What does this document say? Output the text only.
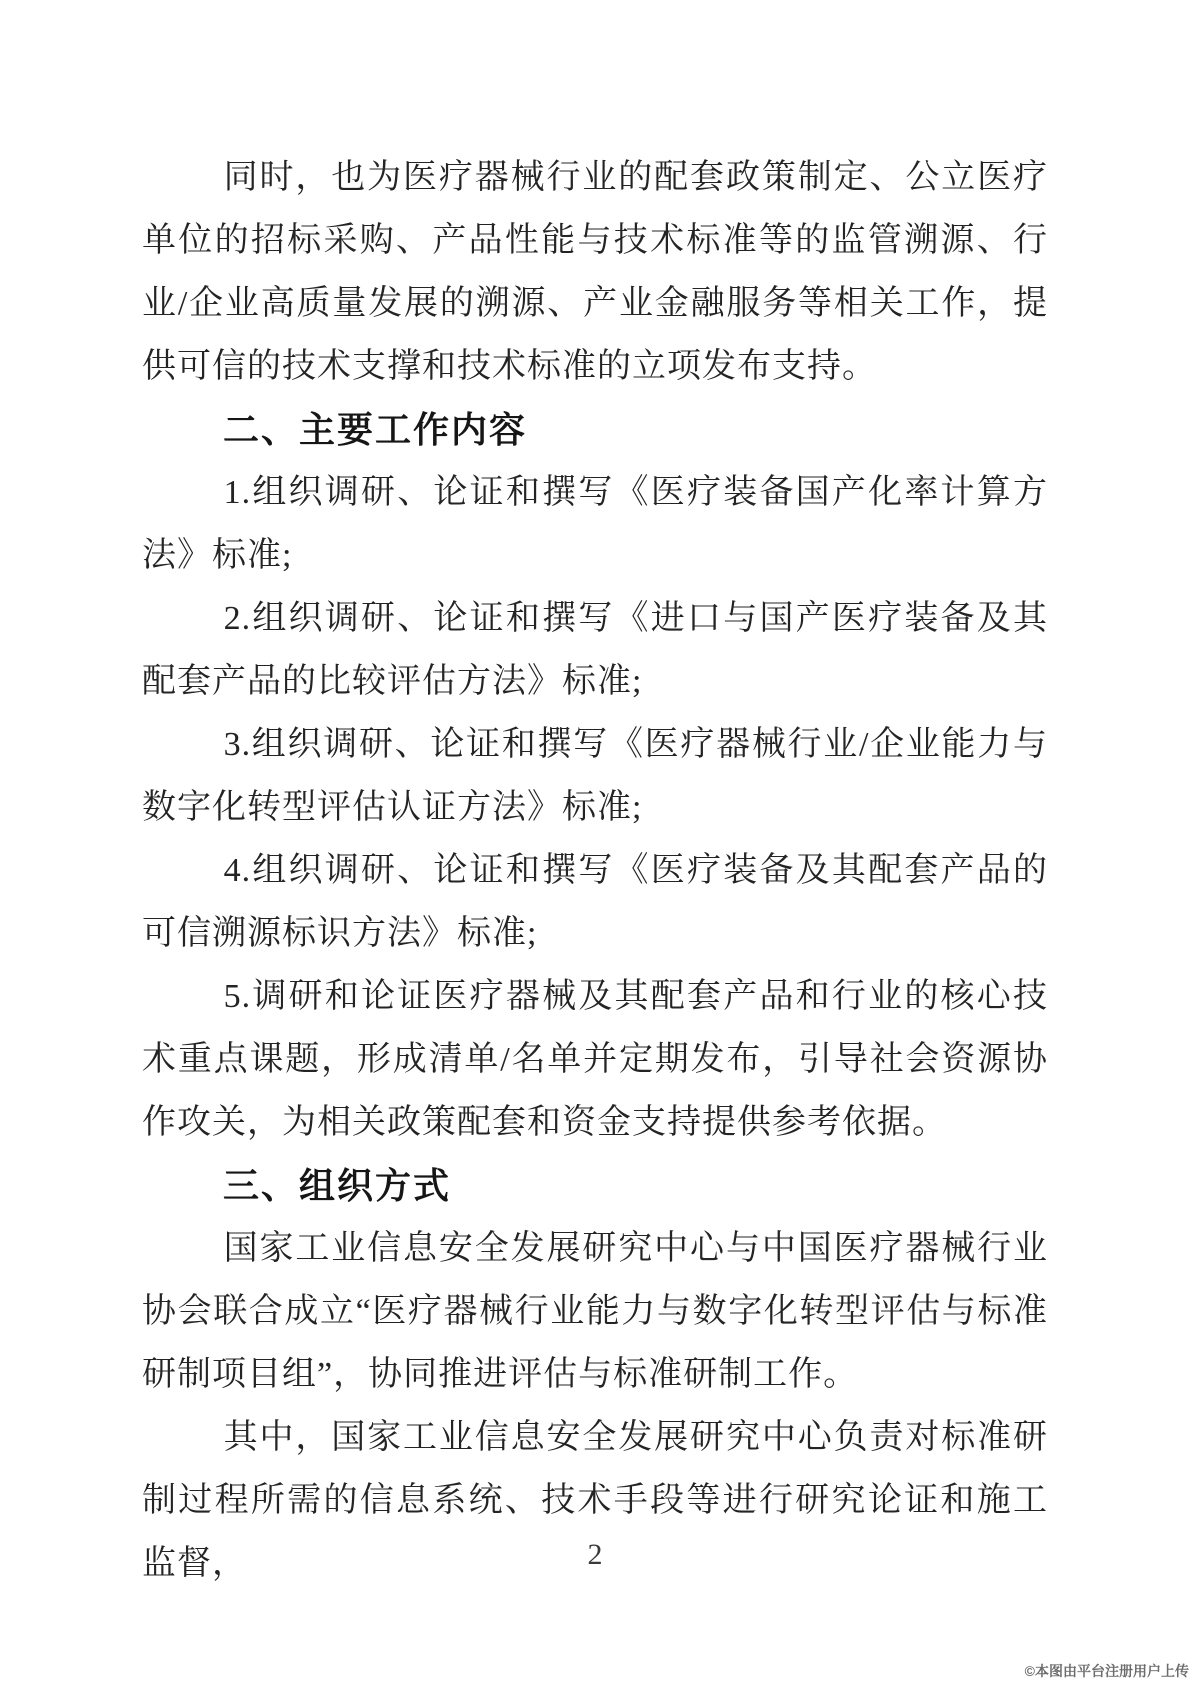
同时，也为医疗器械行业的配套政策制定、公立医疗单位的招标采购、产品性能与技术标准等的监管溯源、行业/企业高质量发展的溯源、产业金融服务等相关工作，提供可信的技术支撑和技术标准的立项发布支持。

二、主要工作内容

1.组织调研、论证和撰写《医疗装备国产化率计算方法》标准;

2.组织调研、论证和撰写《进口与国产医疗装备及其配套产品的比较评估方法》标准;

3.组织调研、论证和撰写《医疗器械行业/企业能力与数字化转型评估认证方法》标准;

4.组织调研、论证和撰写《医疗装备及其配套产品的可信溯源标识方法》标准;

5.调研和论证医疗器械及其配套产品和行业的核心技术重点课题，形成清单/名单并定期发布，引导社会资源协作攻关，为相关政策配套和资金支持提供参考依据。

三、组织方式

国家工业信息安全发展研究中心与中国医疗器械行业协会联合成立“医疗器械行业能力与数字化转型评估与标准研制项目组”，协同推进评估与标准研制工作。

其中，国家工业信息安全发展研究中心负责对标准研制过程所需的信息系统、技术手段等进行研究论证和施工监督，	2
©本图由平台注册用户上传
